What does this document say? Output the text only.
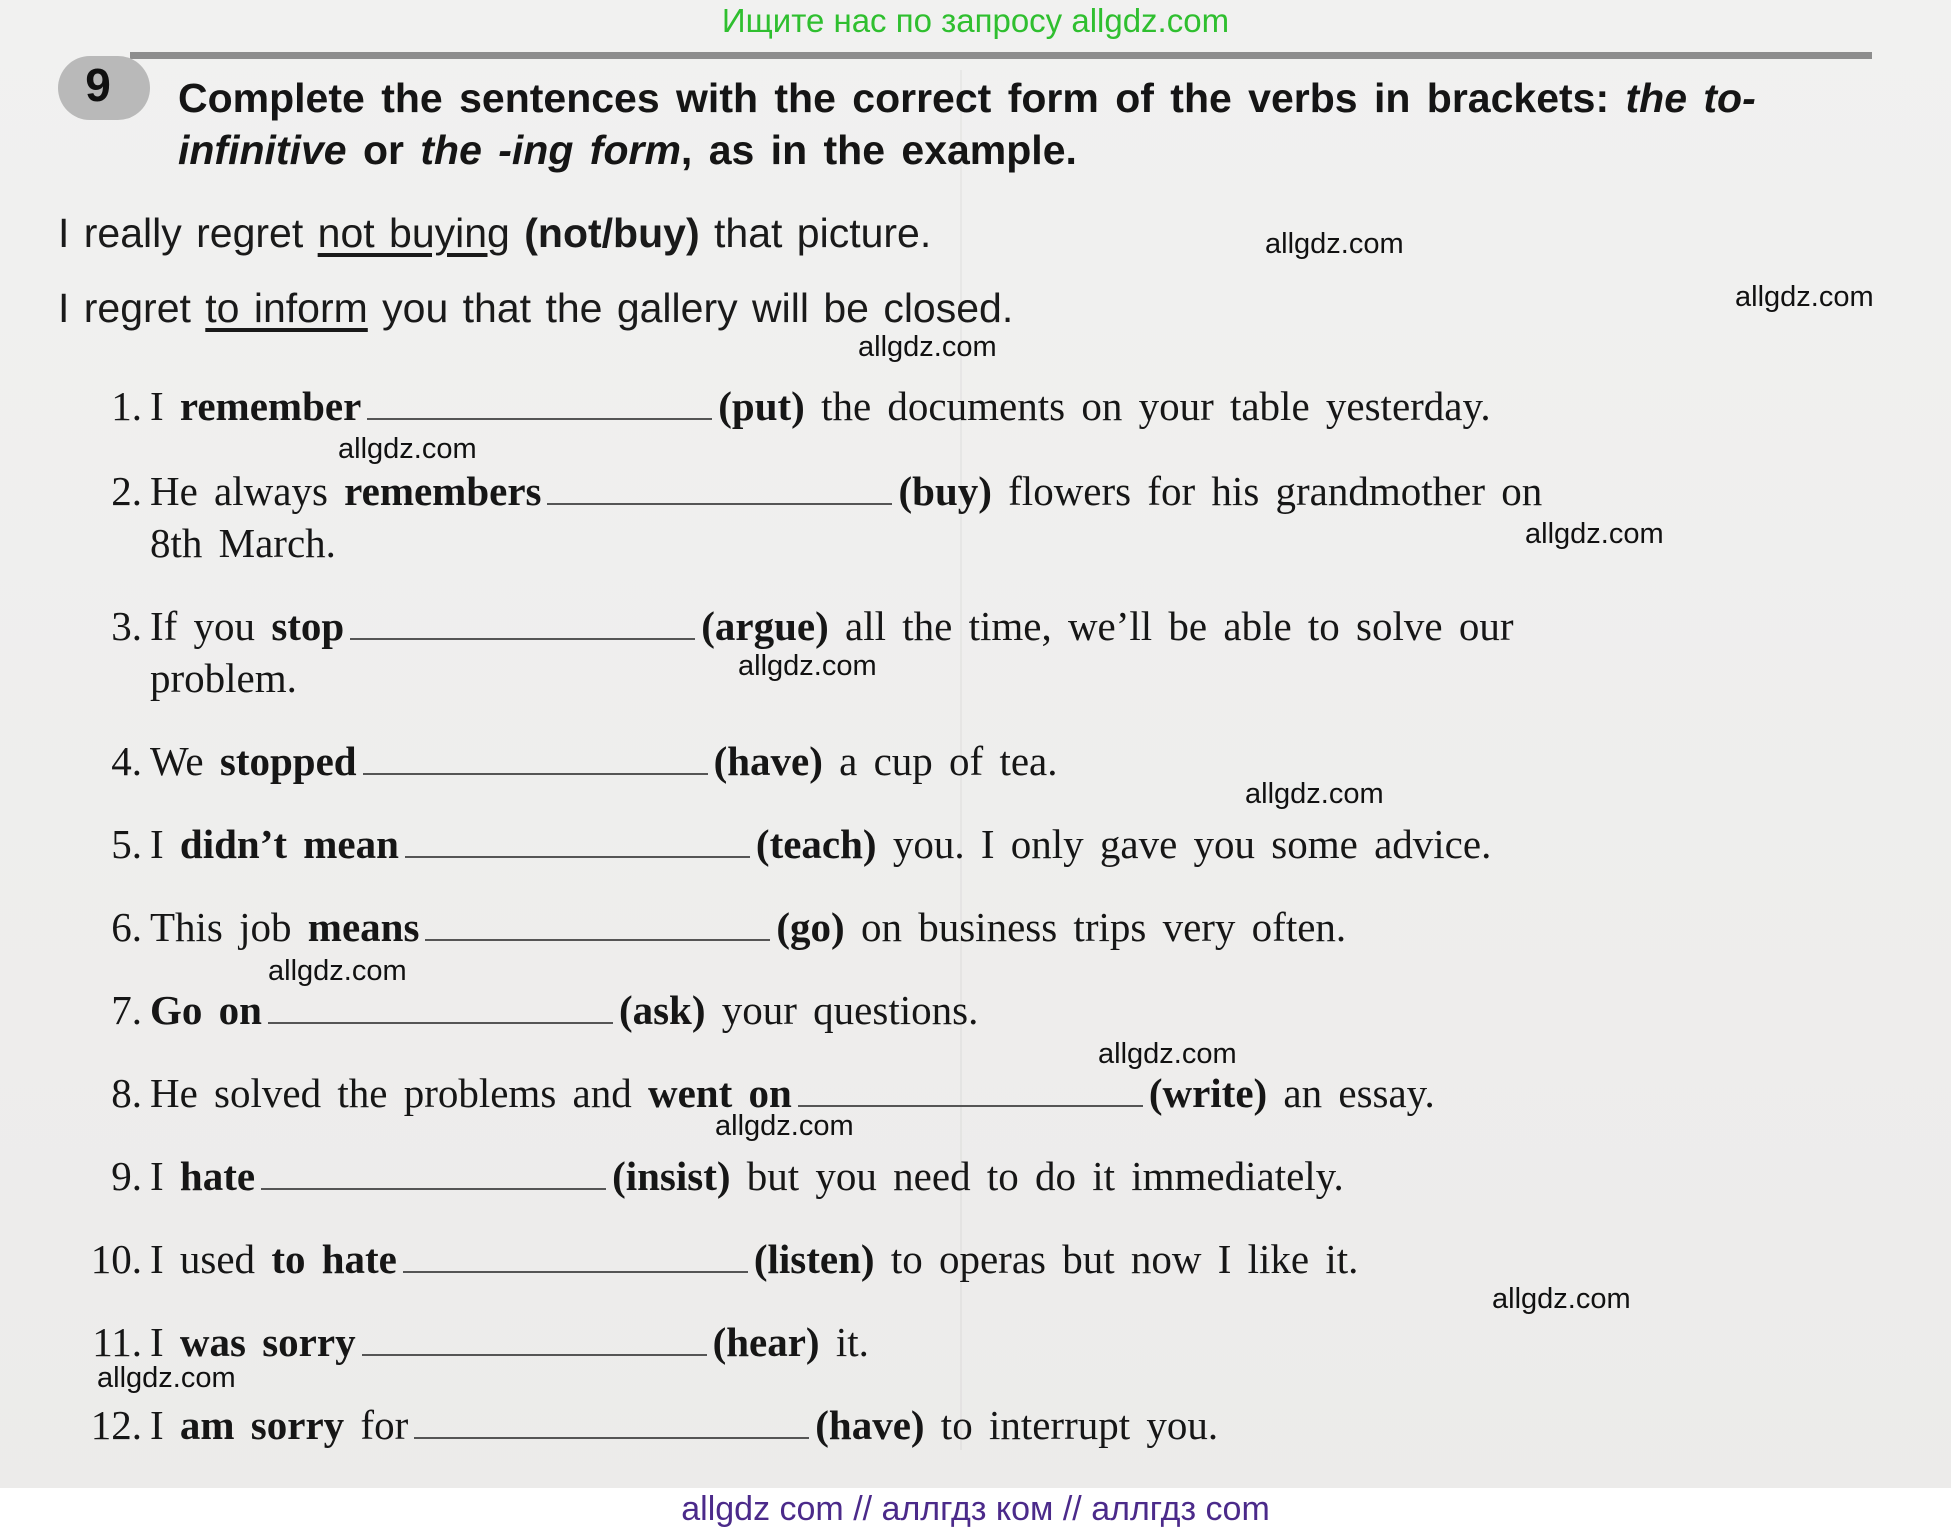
Ищите нас по запросу allgdz.com
9	Complete the sentences with the correct form of the verbs in brackets: the to-infinitive or the -ing form, as in the example.
I really regret not buying (not/buy) that picture.
I regret to inform you that the gallery will be closed.
1. I remember	(put) the documents on your table yesterday.
2. He always remembers	(buy) flowers for his grandmother on
8th March.
3. If you stop	(argue) all the time, we’ll be able to solve our
problem.
4. We stopped	(have) a cup of tea.
5. I didn’t mean	(teach) you. I only gave you some advice.
6. This job means	(go) on business trips very often.
7. Go on	(ask) your questions.
8. He solved the problems and went on	(write) an essay.
9. I hate	(insist) but you need to do it immediately.
10. I used to hate	(listen) to operas but now I like it.
11. I was sorry	(hear) it.
12. I am sorry for	(have) to interrupt you.
allgdz.com
allgdz.com
allgdz.com
allgdz.com
allgdz.com
allgdz.com
allgdz.com
allgdz.com
allgdz.com
allgdz.com
allgdz.com
allgdz.com
allgdz com // аллгдз ком // аллгдз com
